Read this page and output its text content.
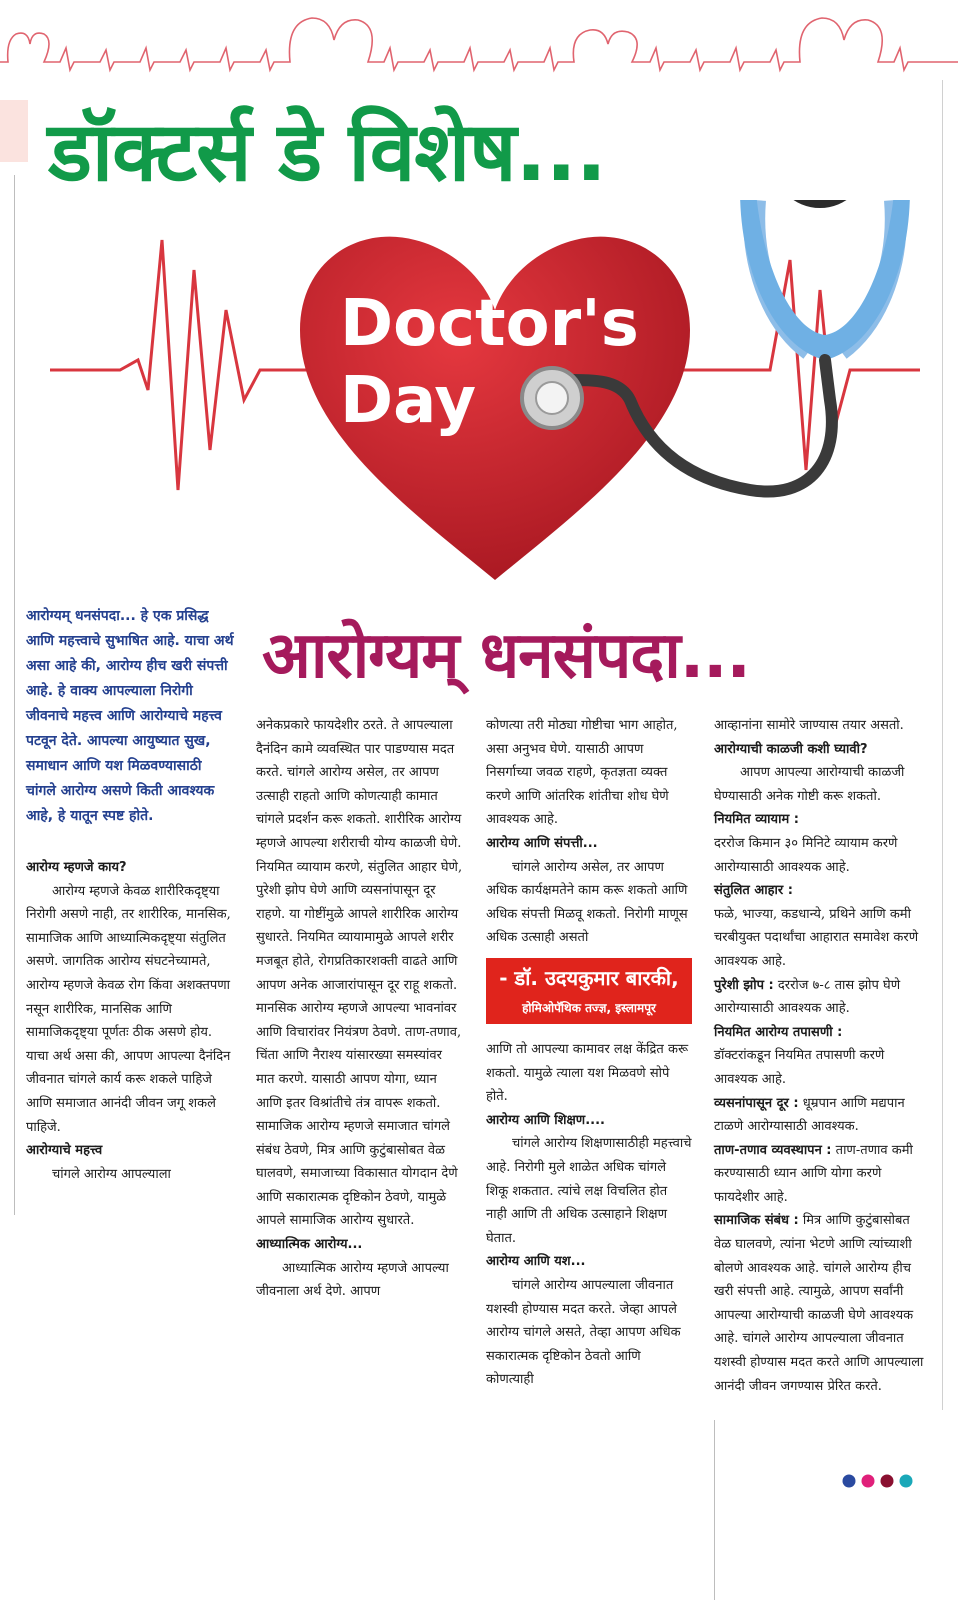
डॉक्टर्स डे विशेष...
Doctor's
Day
आरोग्यम् धनसंपदा...
आरोग्यम् धनसंपदा... हे एक प्रसिद्ध आणि महत्त्वाचे सुभाषित आहे. याचा अर्थ असा आहे की, आरोग्य हीच खरी संपत्ती आहे. हे वाक्य आपल्याला निरोगी जीवनाचे महत्त्व आणि आरोग्याचे महत्त्व पटवून देते. आपल्या आयुष्यात सुख, समाधान आणि यश मिळवण्यासाठी चांगले आरोग्य असणे किती आवश्यक आहे, हे यातून स्पष्ट होते.

आरोग्य म्हणजे काय?

आरोग्य म्हणजे केवळ शारीरिकदृष्ट्या निरोगी असणे नाही, तर शारीरिक, मानसिक, सामाजिक आणि आध्यात्मिकदृष्ट्या संतुलित असणे. जागतिक आरोग्य संघटनेच्यामते, आरोग्य म्हणजे केवळ रोग किंवा अशक्तपणा नसून शारीरिक, मानसिक आणि सामाजिकदृष्ट्या पूर्णतः ठीक असणे होय. याचा अर्थ असा की, आपण आपल्या दैनंदिन जीवनात चांगले कार्य करू शकले पाहिजे आणि समाजात आनंदी जीवन जगू शकले पाहिजे.

आरोग्याचे महत्त्व

चांगले आरोग्य आपल्याला

अनेकप्रकारे फायदेशीर ठरते. ते आपल्याला दैनंदिन कामे व्यवस्थित पार पाडण्यास मदत करते. चांगले आरोग्य असेल, तर आपण उत्साही राहतो आणि कोणत्याही कामात चांगले प्रदर्शन करू शकतो. शारीरिक आरोग्य म्हणजे आपल्या शरीराची योग्य काळजी घेणे. नियमित व्यायाम करणे, संतुलित आहार घेणे, पुरेशी झोप घेणे आणि व्यसनांपासून दूर राहणे. या गोष्टींमुळे आपले शारीरिक आरोग्य सुधारते. नियमित व्यायामामुळे आपले शरीर मजबूत होते, रोगप्रतिकारशक्ती वाढते आणि आपण अनेक आजारांपासून दूर राहू शकतो. मानसिक आरोग्य म्हणजे आपल्या भावनांवर आणि विचारांवर नियंत्रण ठेवणे. ताण-तणाव, चिंता आणि नैराश्य यांसारख्या समस्यांवर मात करणे. यासाठी आपण योगा, ध्यान आणि इतर विश्रांतीचे तंत्र वापरू शकतो. सामाजिक आरोग्य म्हणजे समाजात चांगले संबंध ठेवणे, मित्र आणि कुटुंबासोबत वेळ घालवणे, समाजाच्या विकासात योगदान देणे आणि सकारात्मक दृष्टिकोन ठेवणे, यामुळे आपले सामाजिक आरोग्य सुधारते.

आध्यात्मिक आरोग्य...

आध्यात्मिक आरोग्य म्हणजे आपल्या जीवनाला अर्थ देणे. आपण

कोणत्या तरी मोठ्या गोष्टीचा भाग आहोत, असा अनुभव घेणे. यासाठी आपण निसर्गाच्या जवळ राहणे, कृतज्ञता व्यक्त करणे आणि आंतरिक शांतीचा शोध घेणे आवश्यक आहे.

आरोग्य आणि संपत्ती...

चांगले आरोग्य असेल, तर आपण अधिक कार्यक्षमतेने काम करू शकतो आणि अधिक संपत्ती मिळवू शकतो. निरोगी माणूस अधिक उत्साही असतो

- डॉ. उदयकुमार बारकी,
होमिओपॅथिक तज्ज्ञ, इस्लामपूर

आणि तो आपल्या कामावर लक्ष केंद्रित करू शकतो. यामुळे त्याला यश मिळवणे सोपे होते.

आरोग्य आणि शिक्षण....

चांगले आरोग्य शिक्षणासाठीही महत्त्वाचे आहे. निरोगी मुले शाळेत अधिक चांगले शिकू शकतात. त्यांचे लक्ष विचलित होत नाही आणि ती अधिक उत्साहाने शिक्षण घेतात.

आरोग्य आणि यश...

चांगले आरोग्य आपल्याला जीवनात यशस्वी होण्यास मदत करते. जेव्हा आपले आरोग्य चांगले असते, तेव्हा आपण अधिक सकारात्मक दृष्टिकोन ठेवतो आणि कोणत्याही

आव्हानांना सामोरे जाण्यास तयार असतो.

आरोग्याची काळजी कशी घ्यावी?

आपण आपल्या आरोग्याची काळजी घेण्यासाठी अनेक गोष्टी करू शकतो.

नियमित व्यायाम :

दररोज किमान ३० मिनिटे व्यायाम करणे आरोग्यासाठी आवश्यक आहे.

संतुलित आहार :

फळे, भाज्या, कडधान्ये, प्रथिने आणि कमी चरबीयुक्त पदार्थांचा आहारात समावेश करणे आवश्यक आहे.

पुरेशी झोप : दररोज ७-८ तास झोप घेणे आरोग्यासाठी आवश्यक आहे.

नियमित आरोग्य तपासणी :

डॉक्टरांकडून नियमित तपासणी करणे आवश्यक आहे.

व्यसनांपासून दूर : धूम्रपान आणि मद्यपान टाळणे आरोग्यासाठी आवश्यक.

ताण-तणाव व्यवस्थापन : ताण-तणाव कमी करण्यासाठी ध्यान आणि योगा करणे फायदेशीर आहे.

सामाजिक संबंध : मित्र आणि कुटुंबासोबत वेळ घालवणे, त्यांना भेटणे आणि त्यांच्याशी बोलणे आवश्यक आहे. चांगले आरोग्य हीच खरी संपत्ती आहे. त्यामुळे, आपण सर्वांनी आपल्या आरोग्याची काळजी घेणे आवश्यक आहे. चांगले आरोग्य आपल्याला जीवनात यशस्वी होण्यास मदत करते आणि आपल्याला आनंदी जीवन जगण्यास प्रेरित करते.
